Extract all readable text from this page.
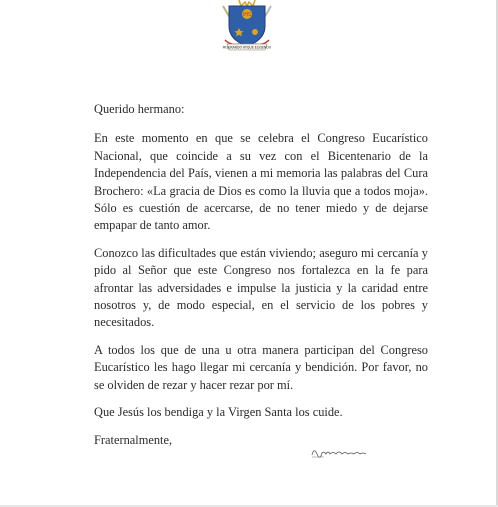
IHS
MISERANDO ATQUE ELIGENDO

Querido hermano:

En este momento en que se celebra el Congreso Eucarístico Nacional, que coincide a su vez con el Bicentenario de la Independencia del País, vienen a mi memoria las palabras del Cura Brochero: «La gracia de Dios es como la lluvia que a todos moja». Sólo es cuestión de acercarse, de no tener miedo y de dejarse empapar de tanto amor.

Conozco las dificultades que están viviendo; aseguro mi cercanía y pido al Señor que este Congreso nos fortalezca en la fe para afrontar las adversidades e impulse la justicia y la caridad entre nosotros y, de modo especial, en el servicio de los pobres y necesitados.

A todos los que de una u otra manera participan del Congreso Eucarístico les hago llegar mi cercanía y bendición. Por favor, no se olviden de rezar y hacer rezar por mí.

Que Jesús los bendiga y la Virgen Santa los cuide.

Fraternalmente,
